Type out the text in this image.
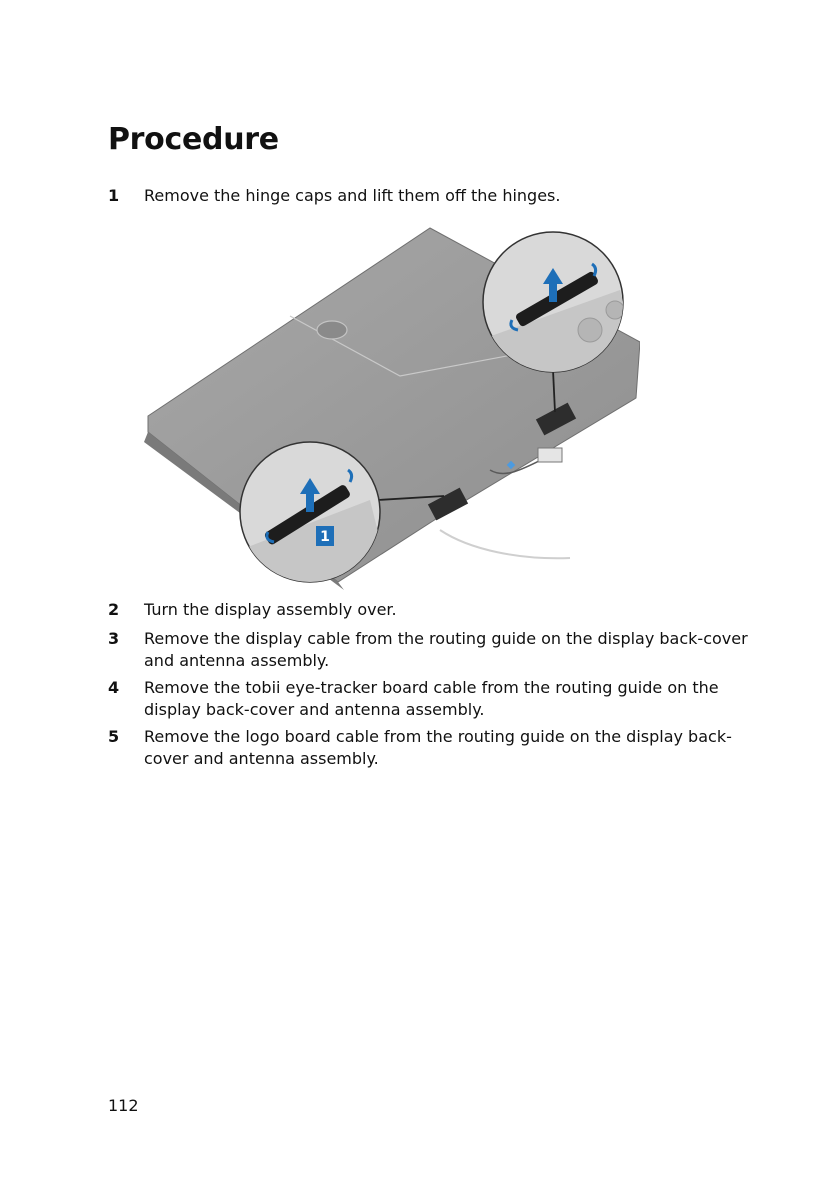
Procedure
1 Remove the hinge caps and lift them off the hinges.
1
2 Turn the display assembly over.
3 Remove the display cable from the routing guide on the display back-cover and antenna assembly.
4 Remove the tobii eye-tracker board cable from the routing guide on the display back-cover and antenna assembly.
5 Remove the logo board cable from the routing guide on the display back-cover and antenna assembly.
112
